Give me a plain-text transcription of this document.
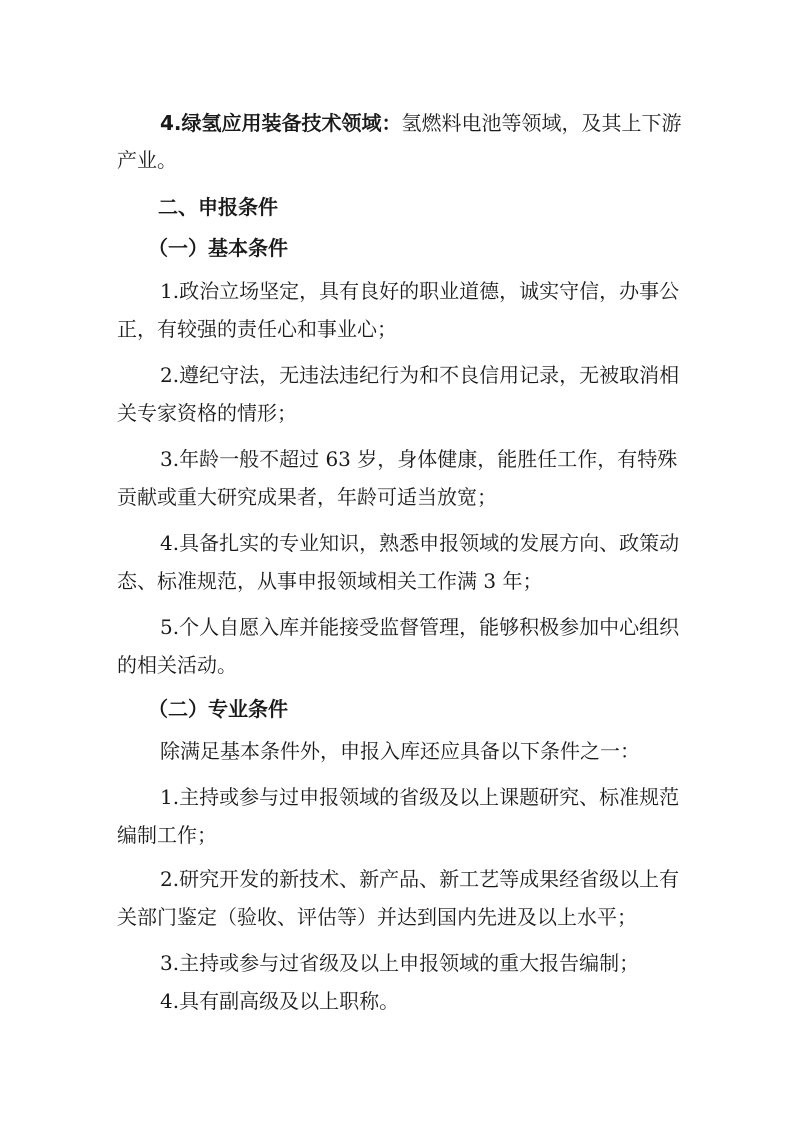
4.绿氢应用装备技术领域：氢燃料电池等领域，及其上下游
产业。
二、申报条件
（一）基本条件
1.政治立场坚定，具有良好的职业道德，诚实守信，办事公
正，有较强的责任心和事业心；
2.遵纪守法，无违法违纪行为和不良信用记录，无被取消相
关专家资格的情形；
3.年龄一般不超过 63 岁，身体健康，能胜任工作，有特殊
贡献或重大研究成果者，年龄可适当放宽；
4.具备扎实的专业知识，熟悉申报领域的发展方向、政策动
态、标准规范，从事申报领域相关工作满 3 年；
5.个人自愿入库并能接受监督管理，能够积极参加中心组织
的相关活动。
（二）专业条件
除满足基本条件外，申报入库还应具备以下条件之一：
1.主持或参与过申报领域的省级及以上课题研究、标准规范
编制工作；
2.研究开发的新技术、新产品、新工艺等成果经省级以上有
关部门鉴定（验收、评估等）并达到国内先进及以上水平；
3.主持或参与过省级及以上申报领域的重大报告编制；
4.具有副高级及以上职称。
